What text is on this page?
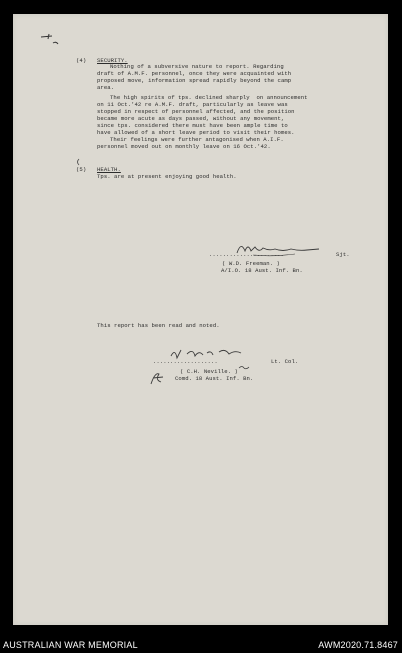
(4) SECURITY.
Nothing of a subversive nature to report. Regarding
draft of A.M.F. personnel, once they were acquainted with
proposed move, information spread rapidly beyond the camp
area.
The high spirits of tps. declined sharply  on announcement
on 11 Oct.'42 re A.M.F. draft, particularly as leave was
stopped in respect of personnel affected, and the position
became more acute as days passed, without any movement,
since tps. considered there must have been ample time to
have allowed of a short leave period to visit their homes.
Their feelings were further antagonised when A.I.F.
personnel moved out on monthly leave on 16 Oct.'42.
(5) HEALTH.
Tps. are at present enjoying good health.
......................	Sjt.
( W.D. Freeman. )
A/I.O. 18 Aust. Inf. Bn.
This report has been read and noted.
...................	Lt. Col.
( C.H. Neville. )
Comd. 18 Aust. Inf. Bn.
AUSTRALIAN WAR MEMORIAL	AWM2020.71.8467
